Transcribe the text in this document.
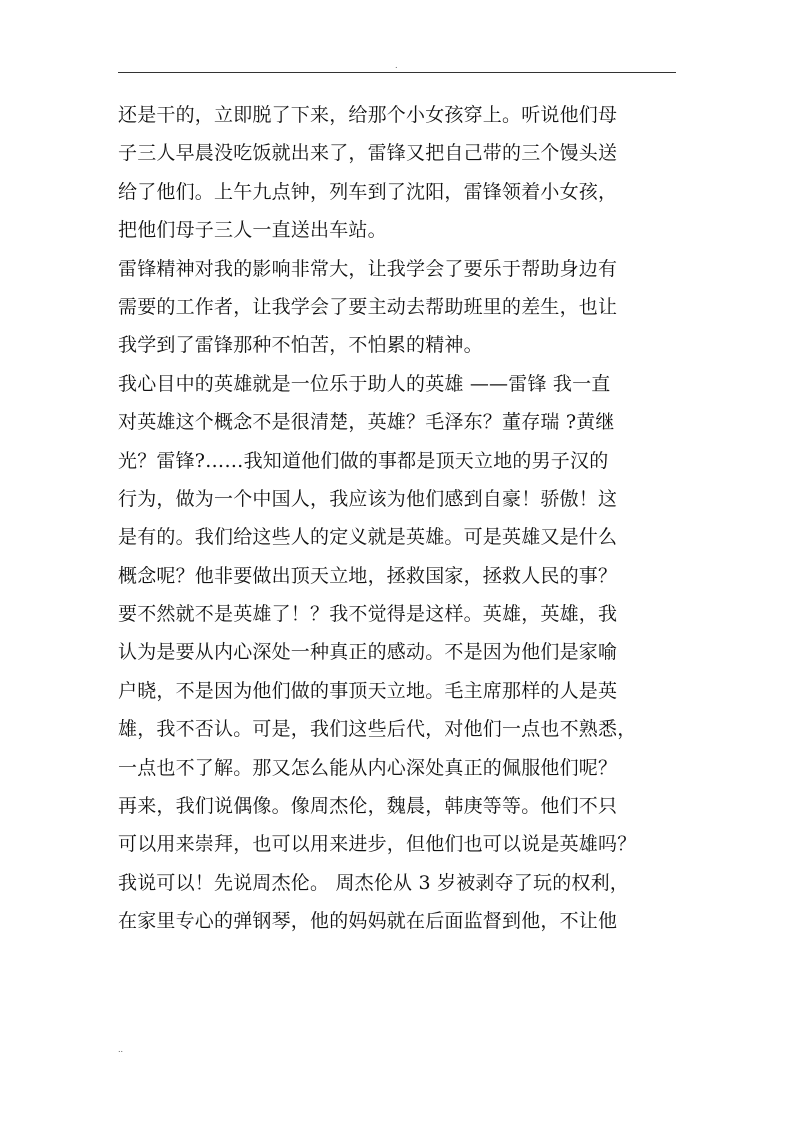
.
还是干的，立即脱了下来，给那个小女孩穿上。听说他们母
子三人早晨没吃饭就出来了，雷锋又把自己带的三个馒头送
给了他们。上午九点钟，列车到了沈阳，雷锋领着小女孩，
把他们母子三人一直送出车站。
雷锋精神对我的影响非常大，让我学会了要乐于帮助身边有
需要的工作者，让我学会了要主动去帮助班里的差生，也让
我学到了雷锋那种不怕苦，不怕累的精神。
我心目中的英雄就是一位乐于助人的英雄 ——雷锋 我一直
对英雄这个概念不是很清楚，英雄？毛泽东？董存瑞 ?黄继
光？雷锋?……我知道他们做的事都是顶天立地的男子汉的
行为，做为一个中国人，我应该为他们感到自豪！骄傲！这
是有的。我们给这些人的定义就是英雄。可是英雄又是什么
概念呢？他非要做出顶天立地，拯救国家，拯救人民的事？
要不然就不是英雄了！？我不觉得是这样。英雄，英雄，我
认为是要从内心深处一种真正的感动。不是因为他们是家喻
户晓，不是因为他们做的事顶天立地。毛主席那样的人是英
雄，我不否认。可是，我们这些后代，对他们一点也不熟悉，
一点也不了解。那又怎么能从内心深处真正的佩服他们呢？
再来，我们说偶像。像周杰伦，魏晨，韩庚等等。他们不只
可以用来崇拜，也可以用来进步，但他们也可以说是英雄吗？
我说可以！先说周杰伦。 周杰伦从 3 岁被剥夺了玩的权利，
在家里专心的弹钢琴，他的妈妈就在后面监督到他，不让他
..
